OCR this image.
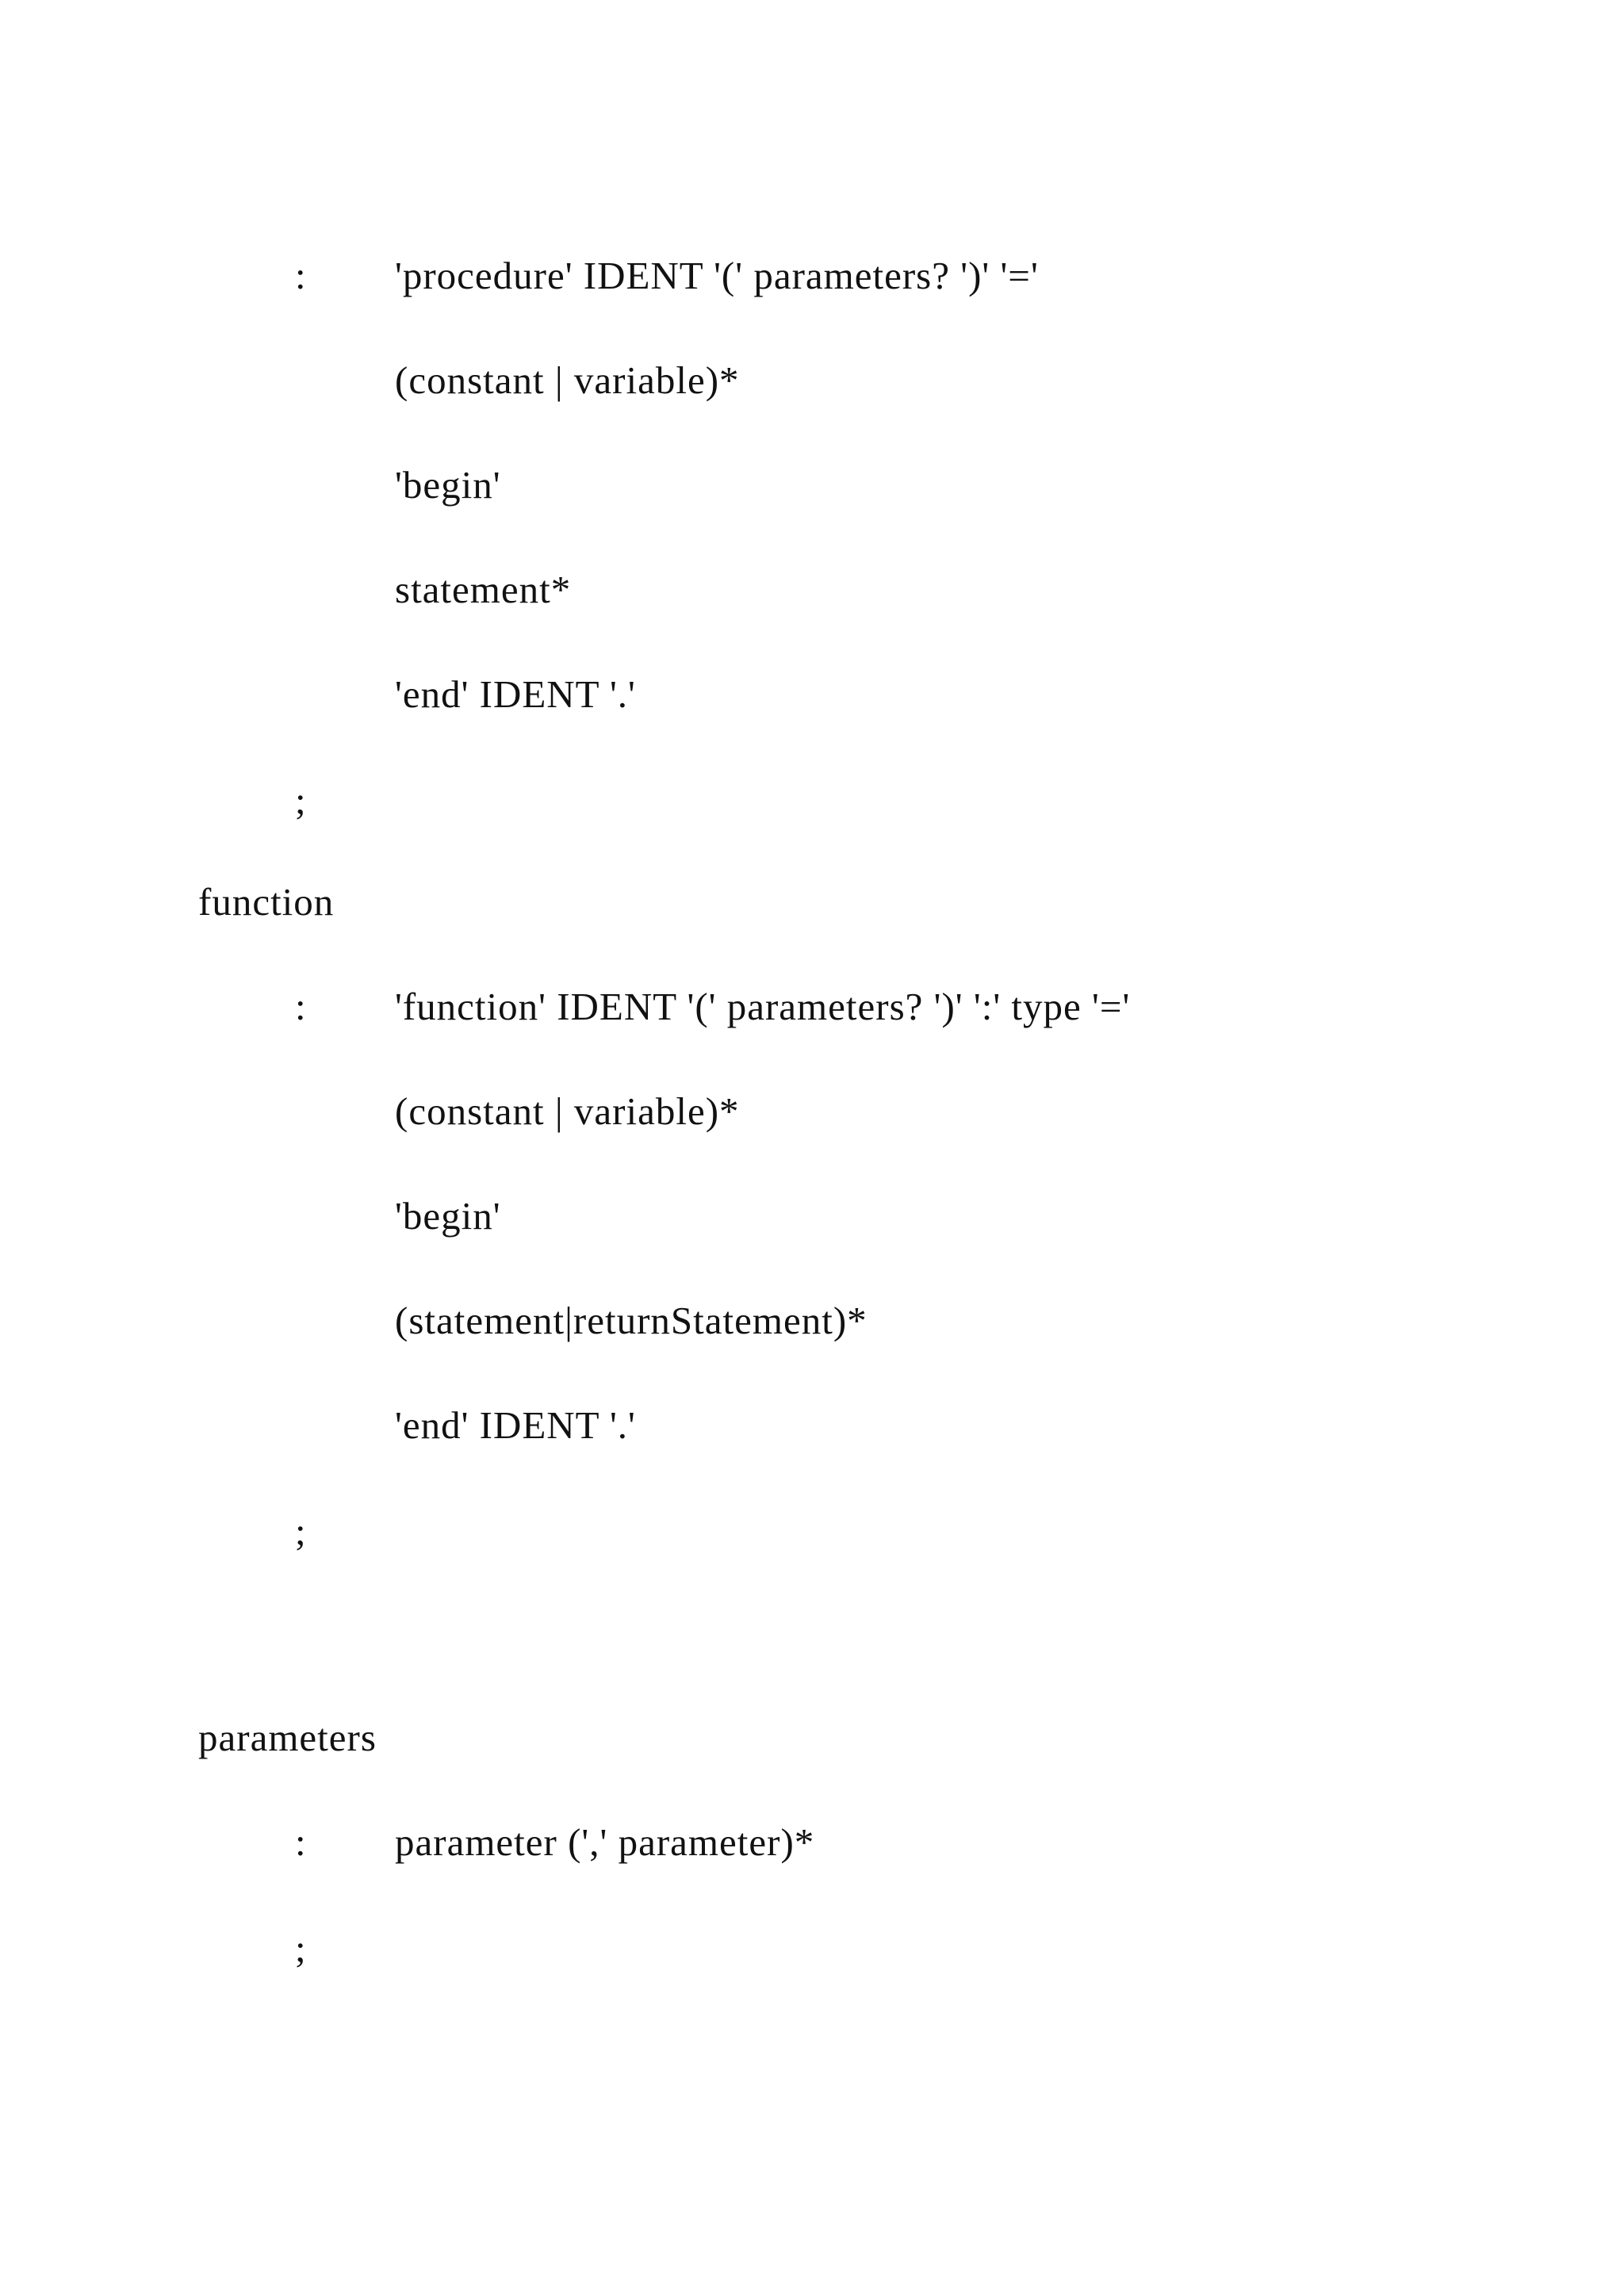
: 'procedure' IDENT '(' parameters? ')' '='
(constant | variable)*
'begin'
statement*
'end' IDENT '.'
;
function
: 'function' IDENT '(' parameters? ')' ':' type '='
(constant | variable)*
'begin'
(statement|returnStatement)*
'end' IDENT '.'
;
parameters
: parameter (',' parameter)*
;
